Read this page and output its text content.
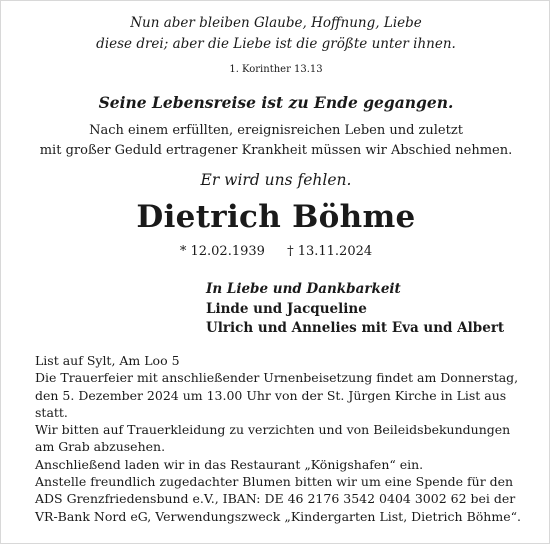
Nun aber bleiben Glaube, Hoffnung, Liebe
diese drei; aber die Liebe ist die größte unter ihnen.
1. Korinther 13.13
Seine Lebensreise ist zu Ende gegangen.
Nach einem erfüllten, ereignisreichen Leben und zuletzt
mit großer Geduld ertragener Krankheit müssen wir Abschied nehmen.
Er wird uns fehlen.
Dietrich Böhme
* 12.02.1939 † 13.11.2024
In Liebe und Dankbarkeit
Linde und Jacqueline
Ulrich und Annelies mit Eva und Albert

List auf Sylt, Am Loo 5

Die Trauerfeier mit anschließender Urnenbeisetzung findet am Donnerstag,
den 5. Dezember 2024 um 13.00 Uhr von der St. Jürgen Kirche in List aus statt.

Wir bitten auf Trauerkleidung zu verzichten und von Beileidsbekundungen
am Grab abzusehen.

Anschließend laden wir in das Restaurant „Königshafen“ ein.

Anstelle freundlich zugedachter Blumen bitten wir um eine Spende für den
ADS Grenzfriedensbund e.V., IBAN: DE 46 2176 3542 0404 3002 62 bei der
VR-Bank Nord eG, Verwendungszweck „Kindergarten List, Dietrich Böhme“.
